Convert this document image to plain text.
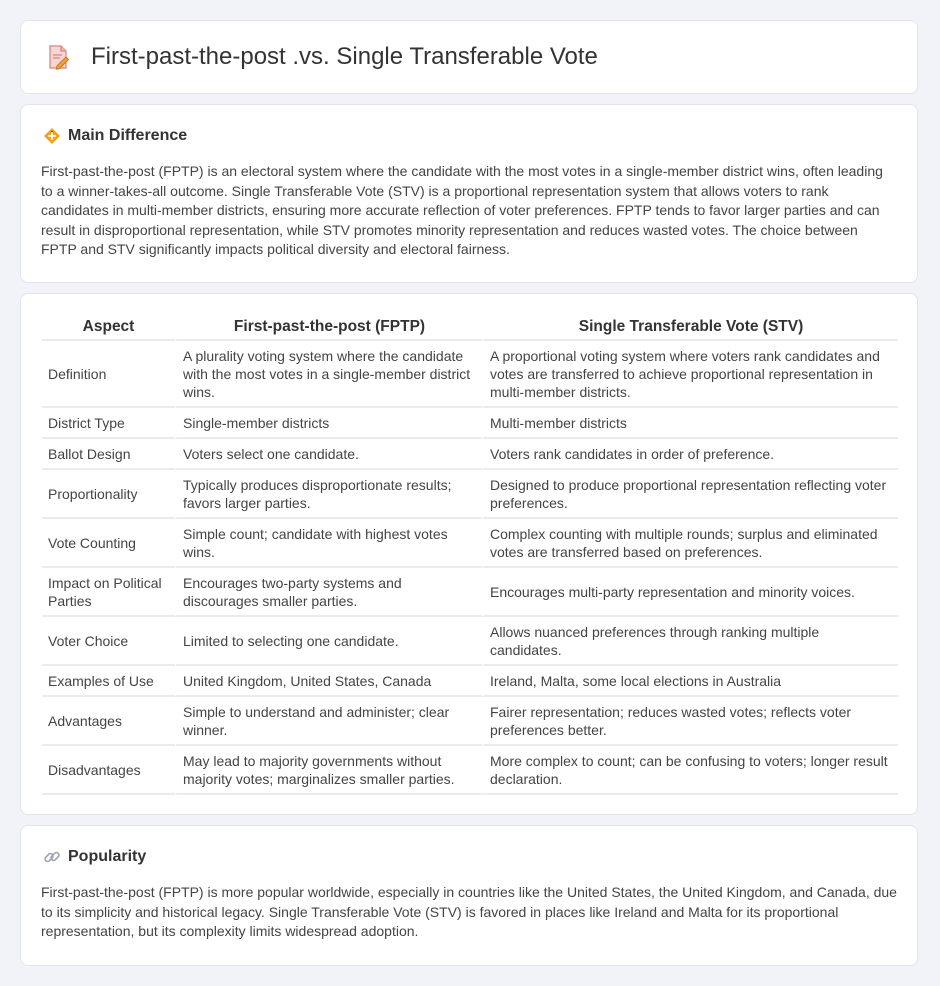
First-past-the-post .vs. Single Transferable Vote
Main Difference

First-past-the-post (FPTP) is an electoral system where the candidate with the most votes in a single-member district wins, often leading to a winner-takes-all outcome. Single Transferable Vote (STV) is a proportional representation system that allows voters to rank candidates in multi-member districts, ensuring more accurate reflection of voter preferences. FPTP tends to favor larger parties and can result in disproportional representation, while STV promotes minority representation and reduces wasted votes. The choice between FPTP and STV significantly impacts political diversity and electoral fairness.

Aspect	First-past-the-post (FPTP)	Single Transferable Vote (STV)
Definition	A plurality voting system where the candidate with the most votes in a single-member district wins.	A proportional voting system where voters rank candidates and votes are transferred to achieve proportional representation in multi-member districts.
District Type	Single-member districts	Multi-member districts
Ballot Design	Voters select one candidate.	Voters rank candidates in order of preference.
Proportionality	Typically produces disproportionate results; favors larger parties.	Designed to produce proportional representation reflecting voter preferences.
Vote Counting	Simple count; candidate with highest votes wins.	Complex counting with multiple rounds; surplus and eliminated votes are transferred based on preferences.
Impact on Political Parties	Encourages two-party systems and discourages smaller parties.	Encourages multi-party representation and minority voices.
Voter Choice	Limited to selecting one candidate.	Allows nuanced preferences through ranking multiple candidates.
Examples of Use	United Kingdom, United States, Canada	Ireland, Malta, some local elections in Australia
Advantages	Simple to understand and administer; clear winner.	Fairer representation; reduces wasted votes; reflects voter preferences better.
Disadvantages	May lead to majority governments without majority votes; marginalizes smaller parties.	More complex to count; can be confusing to voters; longer result declaration.
Popularity

First-past-the-post (FPTP) is more popular worldwide, especially in countries like the United States, the United Kingdom, and Canada, due to its simplicity and historical legacy. Single Transferable Vote (STV) is favored in places like Ireland and Malta for its proportional representation, but its complexity limits widespread adoption.
